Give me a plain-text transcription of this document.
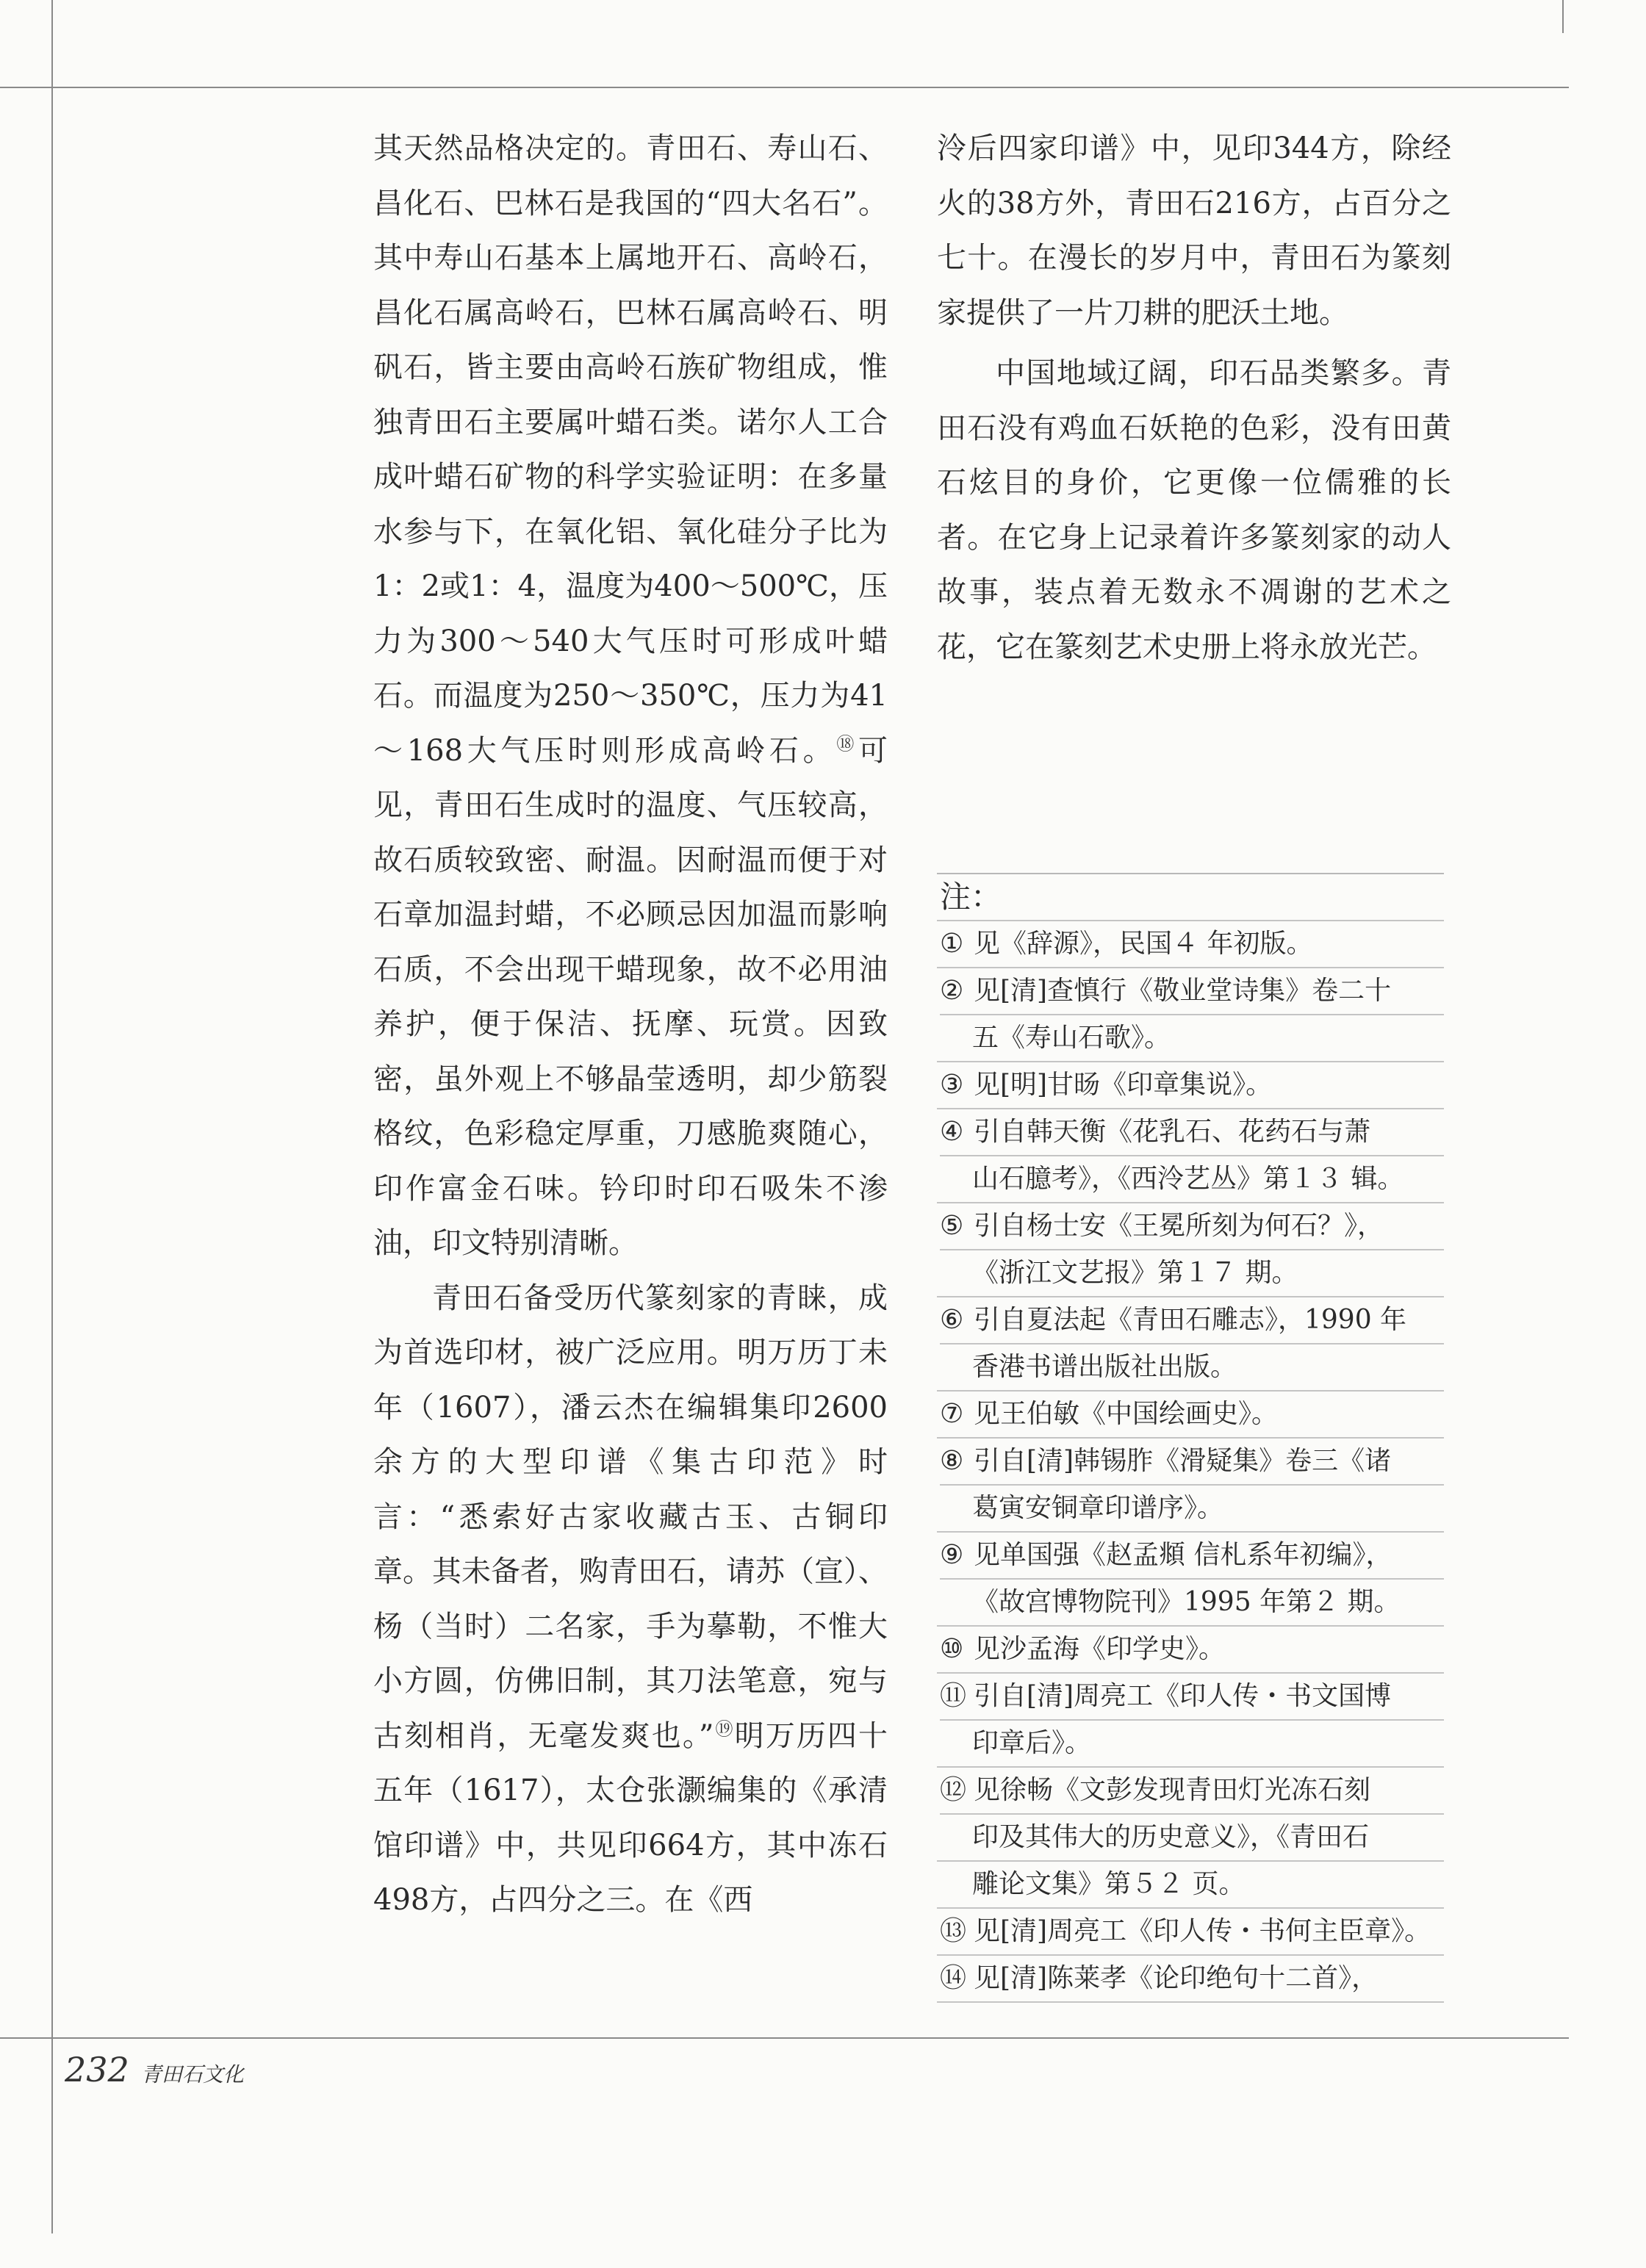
其天然品格决定的。青田石、寿山石、昌化石、巴林石是我国的“四大名石”。其中寿山石基本上属地开石、高岭石，昌化石属高岭石，巴林石属高岭石、明矾石，皆主要由高岭石族矿物组成，惟独青田石主要属叶蜡石类。诺尔人工合成叶蜡石矿物的科学实验证明：在多量水参与下，在氧化铝、氧化硅分子比为1：2或1：4，温度为400～500℃，压力为300～540大气压时可形成叶蜡石。而温度为250～350℃，压力为41～168大气压时则形成高岭石。⑱可见，青田石生成时的温度、气压较高，故石质较致密、耐温。因耐温而便于对石章加温封蜡，不必顾忌因加温而影响石质，不会出现干蜡现象，故不必用油养护，便于保洁、抚摩、玩赏。因致密，虽外观上不够晶莹透明，却少筋裂格纹，色彩稳定厚重，刀感脆爽随心，印作富金石味。钤印时印石吸朱不渗油，印文特别清晰。

青田石备受历代篆刻家的青睐，成为首选印材，被广泛应用。明万历丁未年（1607），潘云杰在编辑集印2600余方的大型印谱《集古印范》时言：“悉索好古家收藏古玉、古铜印章。其未备者，购青田石，请苏（宣）、杨（当时）二名家，手为摹勒，不惟大小方圆，仿佛旧制，其刀法笔意，宛与古刻相肖，无毫发爽也。”⑲明万历四十五年（1617），太仓张灏编集的《承清馆印谱》中，共见印664方，其中冻石498方，占四分之三。在《西

泠后四家印谱》中，见印344方，除经火的38方外，青田石216方，占百分之七十。在漫长的岁月中，青田石为篆刻家提供了一片刀耕的肥沃土地。

中国地域辽阔，印石品类繁多。青田石没有鸡血石妖艳的色彩，没有田黄石炫目的身价，它更像一位儒雅的长者。在它身上记录着许多篆刻家的动人故事，装点着无数永不凋谢的艺术之花，它在篆刻艺术史册上将永放光芒。

注：
① 见《辞源》，民国４ 年初版。
② 见[清]查慎行《敬业堂诗集》卷二十
五《寿山石歌》。
③ 见[明]甘旸《印章集说》。
④ 引自韩天衡《花乳石、花药石与萧
山石臆考》，《西泠艺丛》第１３ 辑。
⑤ 引自杨士安《王冕所刻为何石？》，
《浙江文艺报》第１７ 期。
⑥ 引自夏法起《青田石雕志》，1990 年
香港书谱出版社出版。
⑦ 见王伯敏《中国绘画史》。
⑧ 引自[清]韩锡胙《滑疑集》卷三《诸
葛寅安铜章印谱序》。
⑨ 见单国强《赵孟頫 信札系年初编》，
《故宫博物院刊》1995 年第２ 期。
⑩ 见沙孟海《印学史》。
⑪ 引自[清]周亮工《印人传・书文国博
印章后》。
⑫ 见徐畅《文彭发现青田灯光冻石刻
印及其伟大的历史意义》，《青田石
雕论文集》第５２ 页。
⑬ 见[清]周亮工《印人传・书何主臣章》。
⑭ 见[清]陈莱孝《论印绝句十二首》，
232 青田石文化
